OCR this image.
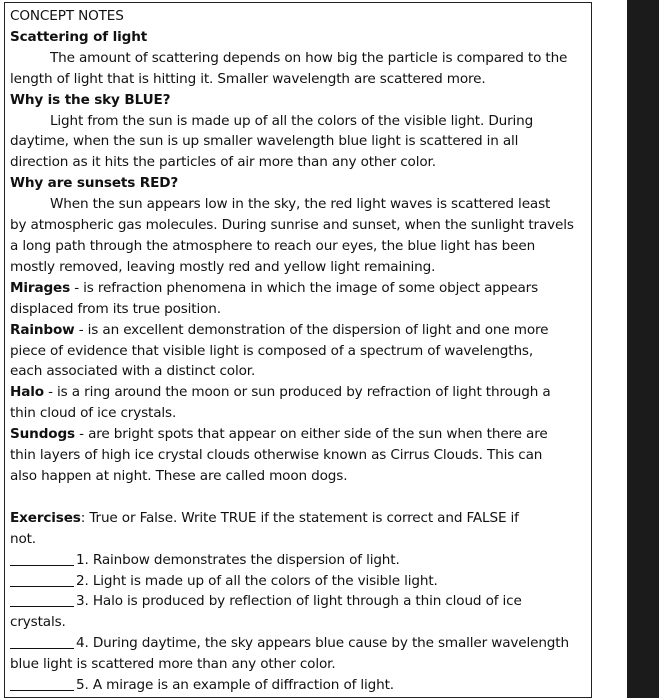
CONCEPT NOTES
Scattering of light
The amount of scattering depends on how big the particle is compared to the
length of light that is hitting it. Smaller wavelength are scattered more.
Why is the sky BLUE?
Light from the sun is made up of all the colors of the visible light. During
daytime, when the sun is up smaller wavelength blue light is scattered in all
direction as it hits the particles of air more than any other color.
Why are sunsets RED?
When the sun appears low in the sky, the red light waves is scattered least
by atmospheric gas molecules. During sunrise and sunset, when the sunlight travels
a long path through the atmosphere to reach our eyes, the blue light has been
mostly removed, leaving mostly red and yellow light remaining.
Mirages - is refraction phenomena in which the image of some object appears
displaced from its true position.
Rainbow - is an excellent demonstration of the dispersion of light and one more
piece of evidence that visible light is composed of a spectrum of wavelengths,
each associated with a distinct color.
Halo - is a ring around the moon or sun produced by refraction of light through a
thin cloud of ice crystals.
Sundogs - are bright spots that appear on either side of the sun when there are
thin layers of high ice crystal clouds otherwise known as Cirrus Clouds. This can
also happen at night. These are called moon dogs.
Exercises: True or False. Write TRUE if the statement is correct and FALSE if
not.
1. Rainbow demonstrates the dispersion of light.
2. Light is made up of all the colors of the visible light.
3. Halo is produced by reflection of light through a thin cloud of ice
crystals.
4. During daytime, the sky appears blue cause by the smaller wavelength
blue light is scattered more than any other color.
5. A mirage is an example of diffraction of light.
